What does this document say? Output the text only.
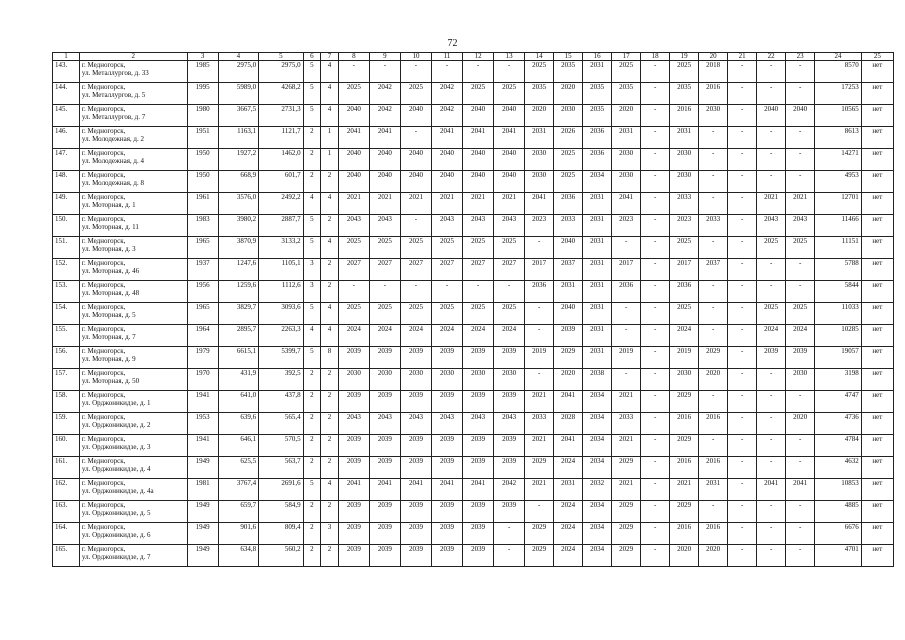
72
1	2	3	4	5	6	7	8	9	10	11	12	13	14	15	16	17	18	19	20	21	22	23	24	25
143.	г. Медногорск,
ул. Металлургов, д. 33	1985	2975,0	2975,0	5	4	-	-	-	-	-	-	2025	2035	2031	2025	-	2025	2018	-	-	-	8570	нет
144.	г. Медногорск,
ул. Металлургов, д. 5	1995	5989,0	4268,2	5	4	2025	2042	2025	2042	2025	2025	2035	2020	2035	2035	-	2035	2016	-	-	-	17253	нет
145.	г. Медногорск,
ул. Металлургов, д. 7	1980	3667,5	2731,3	5	4	2040	2042	2040	2042	2040	2040	2020	2030	2035	2020	-	2016	2030	-	2040	2040	10565	нет
146.	г. Медногорск,
ул. Молодежная, д. 2	1951	1163,1	1121,7	2	1	2041	2041	-	2041	2041	2041	2031	2026	2036	2031	-	2031	-	-	-	-	8613	нет
147.	г. Медногорск,
ул. Молодежная, д. 4	1950	1927,2	1462,0	2	1	2040	2040	2040	2040	2040	2040	2030	2025	2036	2030	-	2030	-	-	-	-	14271	нет
148.	г. Медногорск,
ул. Молодежная, д. 8	1950	668,9	601,7	2	2	2040	2040	2040	2040	2040	2040	2030	2025	2034	2030	-	2030	-	-	-	-	4953	нет
149.	г. Медногорск,
ул. Моторная, д. 1	1961	3576,0	2492,2	4	4	2021	2021	2021	2021	2021	2021	2041	2036	2031	2041	-	2033	-	-	2021	2021	12701	нет
150.	г. Медногорск,
ул. Моторная, д. 11	1983	3980,2	2887,7	5	2	2043	2043	-	2043	2043	2043	2023	2033	2031	2023	-	2023	2033	-	2043	2043	11466	нет
151.	г. Медногорск,
ул. Моторная, д. 3	1965	3870,9	3133,2	5	4	2025	2025	2025	2025	2025	2025	-	2040	2031	-	-	2025	-	-	2025	2025	11151	нет
152.	г. Медногорск,
ул. Моторная, д. 46	1937	1247,6	1105,1	3	2	2027	2027	2027	2027	2027	2027	2017	2037	2031	2017	-	2017	2037	-	-	-	5788	нет
153.	г. Медногорск,
ул. Моторная, д. 48	1956	1259,6	1112,6	3	2	-	-	-	-	-	-	2036	2031	2031	2036	-	2036	-	-	-	-	5844	нет
154.	г. Медногорск,
ул. Моторная, д. 5	1965	3829,7	3093,6	5	4	2025	2025	2025	2025	2025	2025	-	2040	2031	-	-	2025	-	-	2025	2025	11033	нет
155.	г. Медногорск,
ул. Моторная, д. 7	1964	2895,7	2263,3	4	4	2024	2024	2024	2024	2024	2024	-	2039	2031	-	-	2024	-	-	2024	2024	10285	нет
156.	г. Медногорск,
ул. Моторная, д. 9	1979	6615,1	5399,7	5	8	2039	2039	2039	2039	2039	2039	2019	2029	2031	2019	-	2019	2029	-	2039	2039	19057	нет
157.	г. Медногорск,
ул. Моторная, д. 50	1970	431,9	392,5	2	2	2030	2030	2030	2030	2030	2030	-	2020	2038	-	-	2030	2020	-	-	2030	3198	нет
158.	г. Медногорск,
ул. Орджоникидзе, д. 1	1941	641,0	437,8	2	2	2039	2039	2039	2039	2039	2039	2021	2041	2034	2021	-	2029	-	-	-	-	4747	нет
159.	г. Медногорск,
ул. Орджоникидзе, д. 2	1953	639,6	565,4	2	2	2043	2043	2043	2043	2043	2043	2033	2028	2034	2033	-	2016	2016	-	-	2020	4736	нет
160.	г. Медногорск,
ул. Орджоникидзе, д. 3	1941	646,1	570,5	2	2	2039	2039	2039	2039	2039	2039	2021	2041	2034	2021	-	2029	-	-	-	-	4784	нет
161.	г. Медногорск,
ул. Орджоникидзе, д. 4	1949	625,5	563,7	2	2	2039	2039	2039	2039	2039	2039	2029	2024	2034	2029	-	2016	2016	-	-	-	4632	нет
162.	г. Медногорск,
ул. Орджоникидзе, д. 4а	1981	3767,4	2691,6	5	4	2041	2041	2041	2041	2041	2042	2021	2031	2032	2021	-	2021	2031	-	2041	2041	10853	нет
163.	г. Медногорск,
ул. Орджоникидзе, д. 5	1949	659,7	584,9	2	2	2039	2039	2039	2039	2039	2039	-	2024	2034	2029	-	2029	-	-	-	-	4885	нет
164.	г. Медногорск,
ул. Орджоникидзе, д. 6	1949	901,6	809,4	2	3	2039	2039	2039	2039	2039	-	2029	2024	2034	2029	-	2016	2016	-	-	-	6676	нет
165.	г. Медногорск,
ул. Орджоникидзе, д. 7	1949	634,8	560,2	2	2	2039	2039	2039	2039	2039	-	2029	2024	2034	2029	-	2020	2020	-	-	-	4701	нет
